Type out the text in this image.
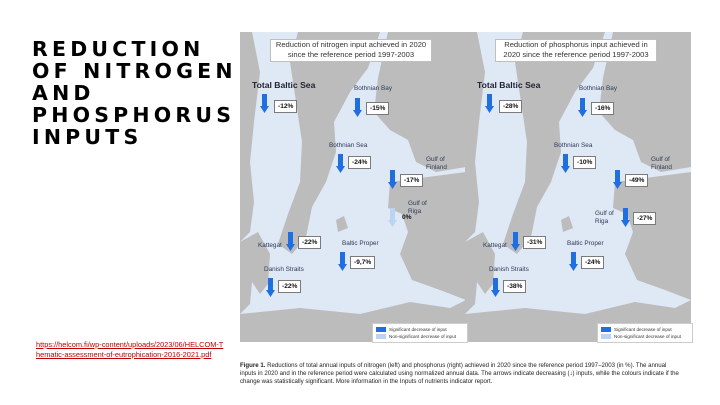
REDUCTION
OF NITROGEN
AND
PHOSPHORUS
INPUTS
https://helcom.fi/wp-content/uploads/2023/06/HELCOM-Thematic-assessment-of-eutrophication-2016-2021.pdf
Reduction of nitrogen input achieved in 2020 since the reference period 1997-2003
Total Baltic Sea
-12%
Bothnian Bay
-15%
Bothnian Sea
-24%	Gulf of Finland
-17%
Gulf of Riga
0%
Kattegat	-22%	Baltic Proper
-9,7%
Danish Straits
-22%
Reduction of phosphorus input achieved in 2020 since the reference period 1997-2003
Total Baltic Sea
-28%
Bothnian Bay
-16%
Bothnian Sea
-10%	Gulf of Finland
-49%
Gulf of Riga	-27%
Kattegat	-31%	Baltic Proper
-24%
Danish Straits
-38%
Significant decrease of input
Non-significant decrease of input
Significant decrease of input
Non-significant decrease of input
Figure 1. Reductions of total annual inputs of nitrogen (left) and phosphorus (right) achieved in 2020 since the reference period 1997–2003 (in %). The annual inputs in 2020 and in the reference period were calculated using normalized annual data. The arrows indicate decreasing (↓) inputs, while the colours indicate if the change was statistically significant. More information in the Inputs of nutrients indicator report.
